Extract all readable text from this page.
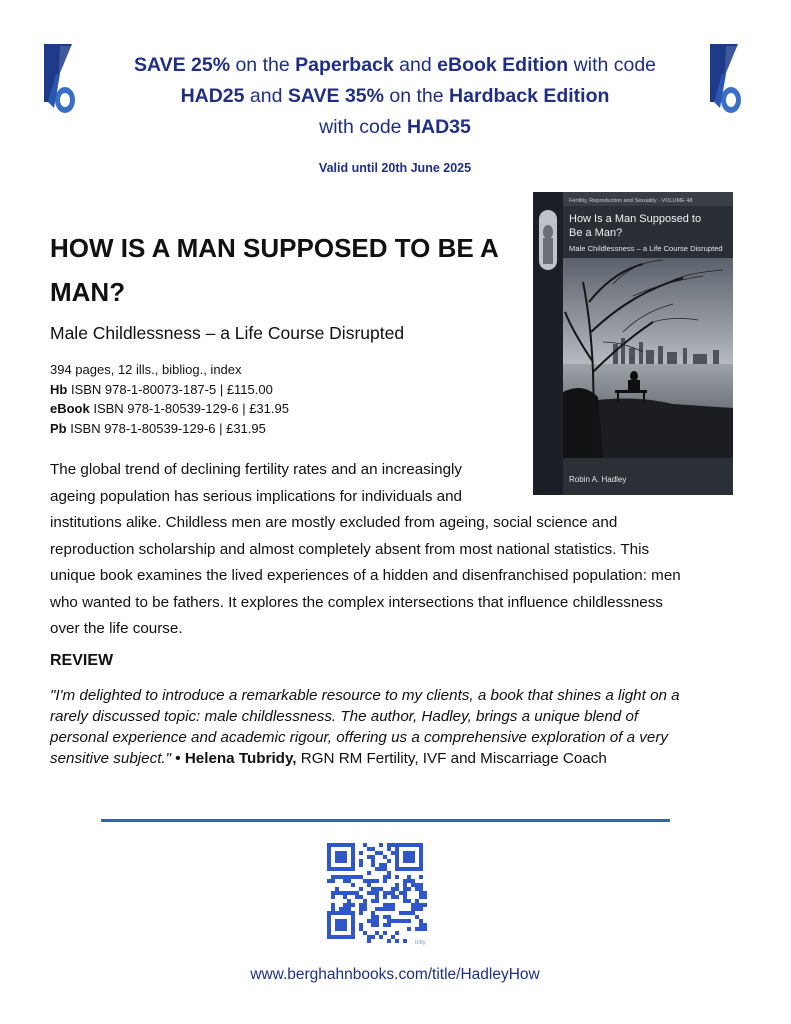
SAVE 25% on the Paperback and eBook Edition with code
HAD25 and SAVE 35% on the Hardback Edition
with code HAD35
Valid until 20th June 2025
Fertility, Reproduction and Sexuality · VOLUME 48
How Is a Man Supposed to
Be a Man?
Male Childlessness – a Life Course Disrupted
Robin A. Hadley
HOW IS A MAN SUPPOSED TO BE A
MAN?
Male Childlessness – a Life Course Disrupted
394 pages, 12 ills., bibliog., index
Hb ISBN 978-1-80073-187-5 | £115.00
eBook ISBN 978-1-80539-129-6 | £31.95
Pb ISBN 978-1-80539-129-6 | £31.95

The global trend of declining fertility rates and an increasingly
ageing population has serious implications for individuals and
institutions alike. Childless men are mostly excluded from ageing, social science and
reproduction scholarship and almost completely absent from most national statistics. This
unique book examines the lived experiences of a hidden and disenfranchised population: men
who wanted to be fathers. It explores the complex intersections that influence childlessness
over the life course.

REVIEW

"I'm delighted to introduce a remarkable resource to my clients, a book that shines a light on a
rarely discussed topic: male childlessness. The author, Hadley, brings a unique blend of
personal experience and academic rigour, offering us a comprehensive exploration of a very
sensitive subject." • Helena Tubridy, RGN RM Fertility, IVF and Miscarriage Coach

bitly
www.berghahnbooks.com/title/HadleyHow
